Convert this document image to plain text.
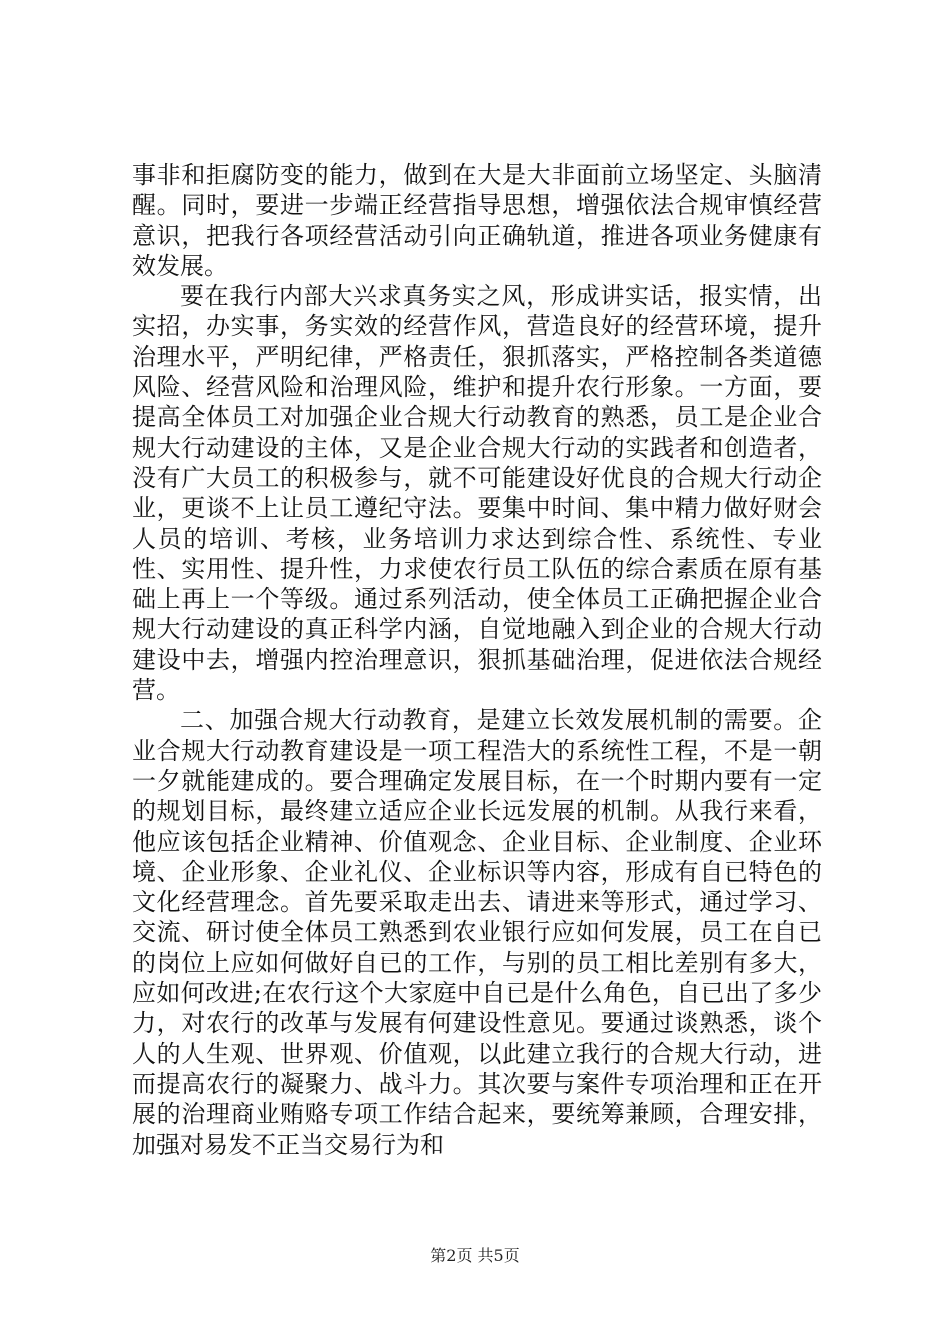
事非和拒腐防变的能力，做到在大是大非面前立场坚定、头脑清醒。同时，要进一步端正经营指导思想，增强依法合规审慎经营意识，把我行各项经营活动引向正确轨道，推进各项业务健康有效发展。

要在我行内部大兴求真务实之风，形成讲实话，报实情，出实招，办实事，务实效的经营作风，营造良好的经营环境，提升治理水平，严明纪律，严格责任，狠抓落实，严格控制各类道德风险、经营风险和治理风险，维护和提升农行形象。一方面，要提高全体员工对加强企业合规大行动教育的熟悉，员工是企业合规大行动建设的主体，又是企业合规大行动的实践者和创造者，没有广大员工的积极参与，就不可能建设好优良的合规大行动企业，更谈不上让员工遵纪守法。要集中时间、集中精力做好财会人员的培训、考核，业务培训力求达到综合性、系统性、专业性、实用性、提升性，力求使农行员工队伍的综合素质在原有基础上再上一个等级。通过系列活动，使全体员工正确把握企业合规大行动建设的真正科学内涵，自觉地融入到企业的合规大行动建设中去，增强内控治理意识，狠抓基础治理，促进依法合规经营。

二、加强合规大行动教育，是建立长效发展机制的需要。企业合规大行动教育建设是一项工程浩大的系统性工程，不是一朝一夕就能建成的。要合理确定发展目标，在一个时期内要有一定的规划目标，最终建立适应企业长远发展的机制。从我行来看，他应该包括企业精神、价值观念、企业目标、企业制度、企业环境、企业形象、企业礼仪、企业标识等内容，形成有自已特色的文化经营理念。首先要采取走出去、请进来等形式，通过学习、交流、研讨使全体员工熟悉到农业银行应如何发展，员工在自已的岗位上应如何做好自已的工作，与别的员工相比差别有多大，应如何改进;在农行这个大家庭中自已是什么角色，自已出了多少力，对农行的改革与发展有何建设性意见。要通过谈熟悉，谈个人的人生观、世界观、价值观，以此建立我行的合规大行动，进而提高农行的凝聚力、战斗力。其次要与案件专项治理和正在开展的治理商业贿赂专项工作结合起来，要统筹兼顾，合理安排，加强对易发不正当交易行为和

第2页 共5页
